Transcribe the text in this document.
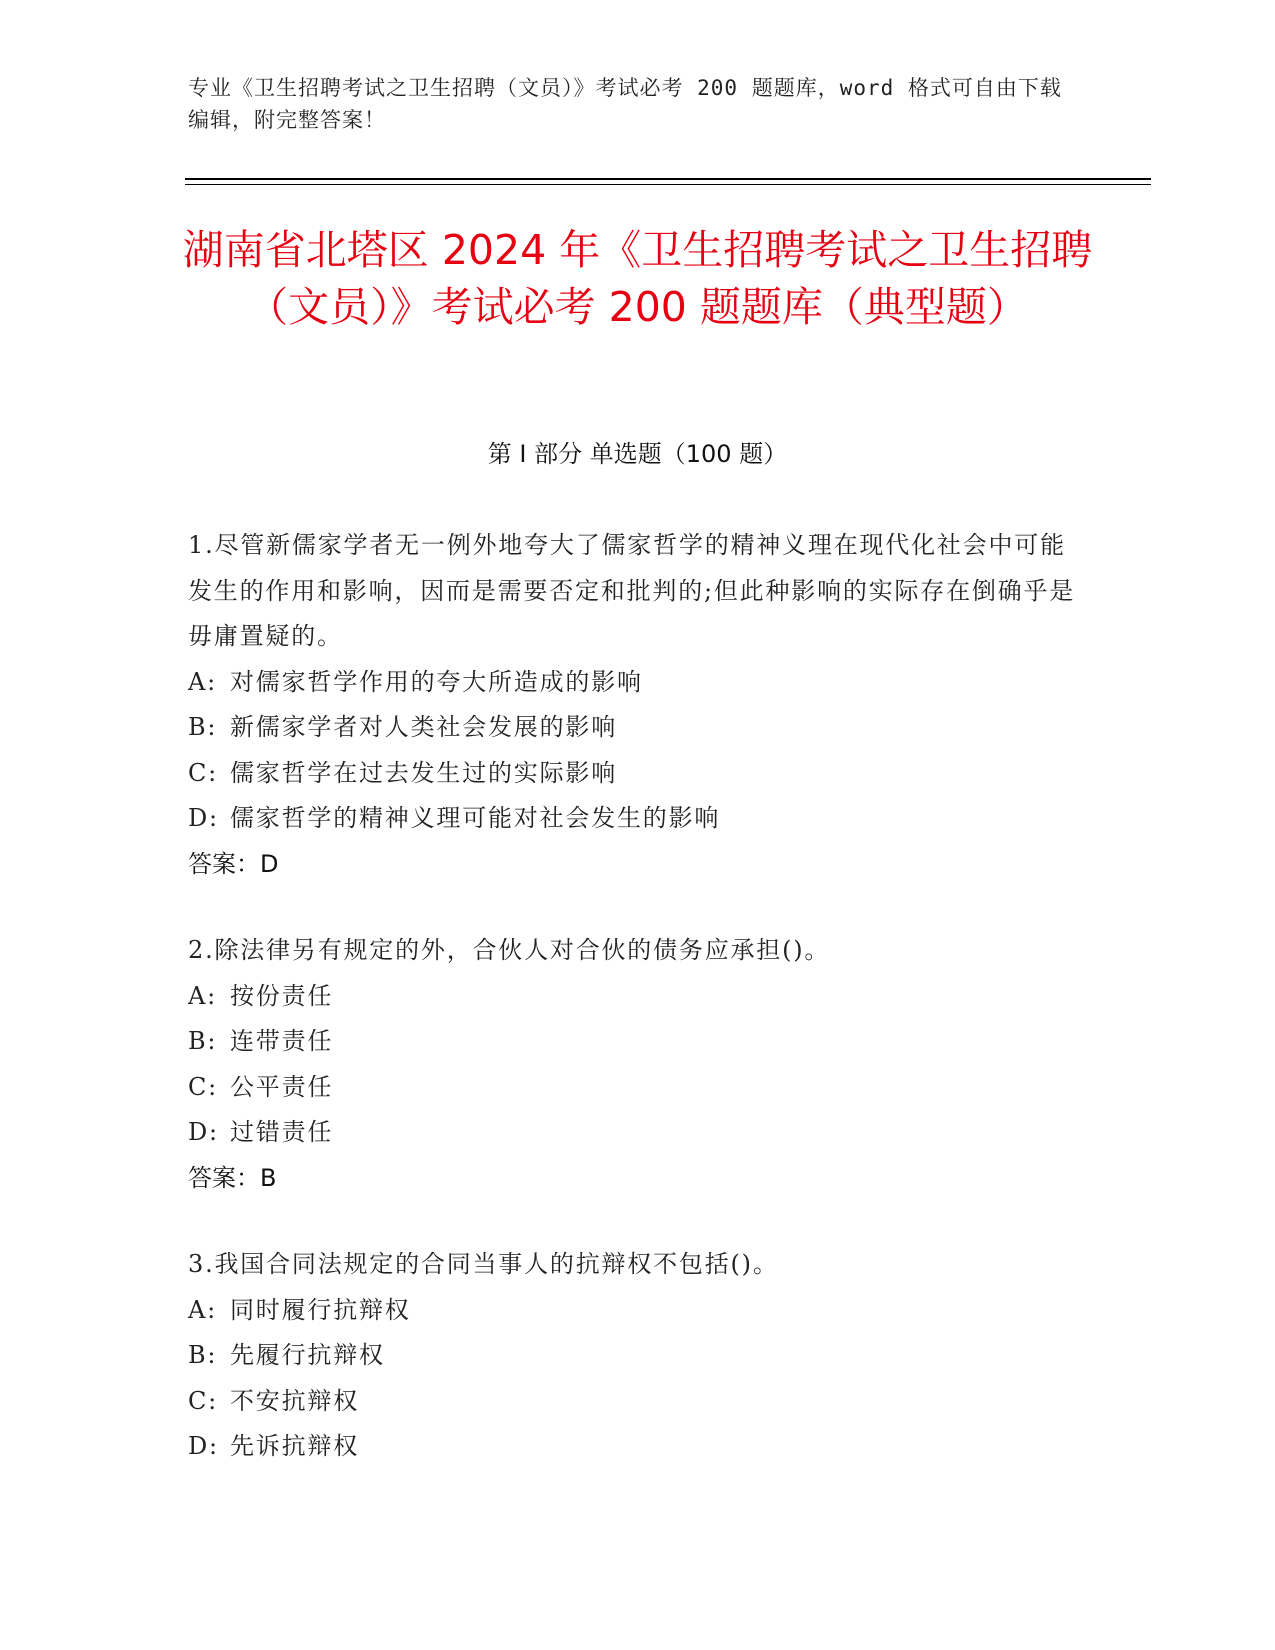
专业《卫生招聘考试之卫生招聘（文员）》考试必考 200 题题库，word 格式可自由下载编辑，附完整答案！
湖南省北塔区 2024 年《卫生招聘考试之卫生招聘（文员）》考试必考 200 题题库（典型题）
第 I 部分 单选题（100 题）

1.尽管新儒家学者无一例外地夸大了儒家哲学的精神义理在现代化社会中可能发生的作用和影响，因而是需要否定和批判的;但此种影响的实际存在倒确乎是毋庸置疑的。

A: 对儒家哲学作用的夸大所造成的影响

B: 新儒家学者对人类社会发展的影响

C: 儒家哲学在过去发生过的实际影响

D: 儒家哲学的精神义理可能对社会发生的影响

答案：D

2.除法律另有规定的外，合伙人对合伙的债务应承担()。

A: 按份责任

B: 连带责任

C: 公平责任

D: 过错责任

答案：B

3.我国合同法规定的合同当事人的抗辩权不包括()。

A: 同时履行抗辩权

B: 先履行抗辩权

C: 不安抗辩权

D: 先诉抗辩权
